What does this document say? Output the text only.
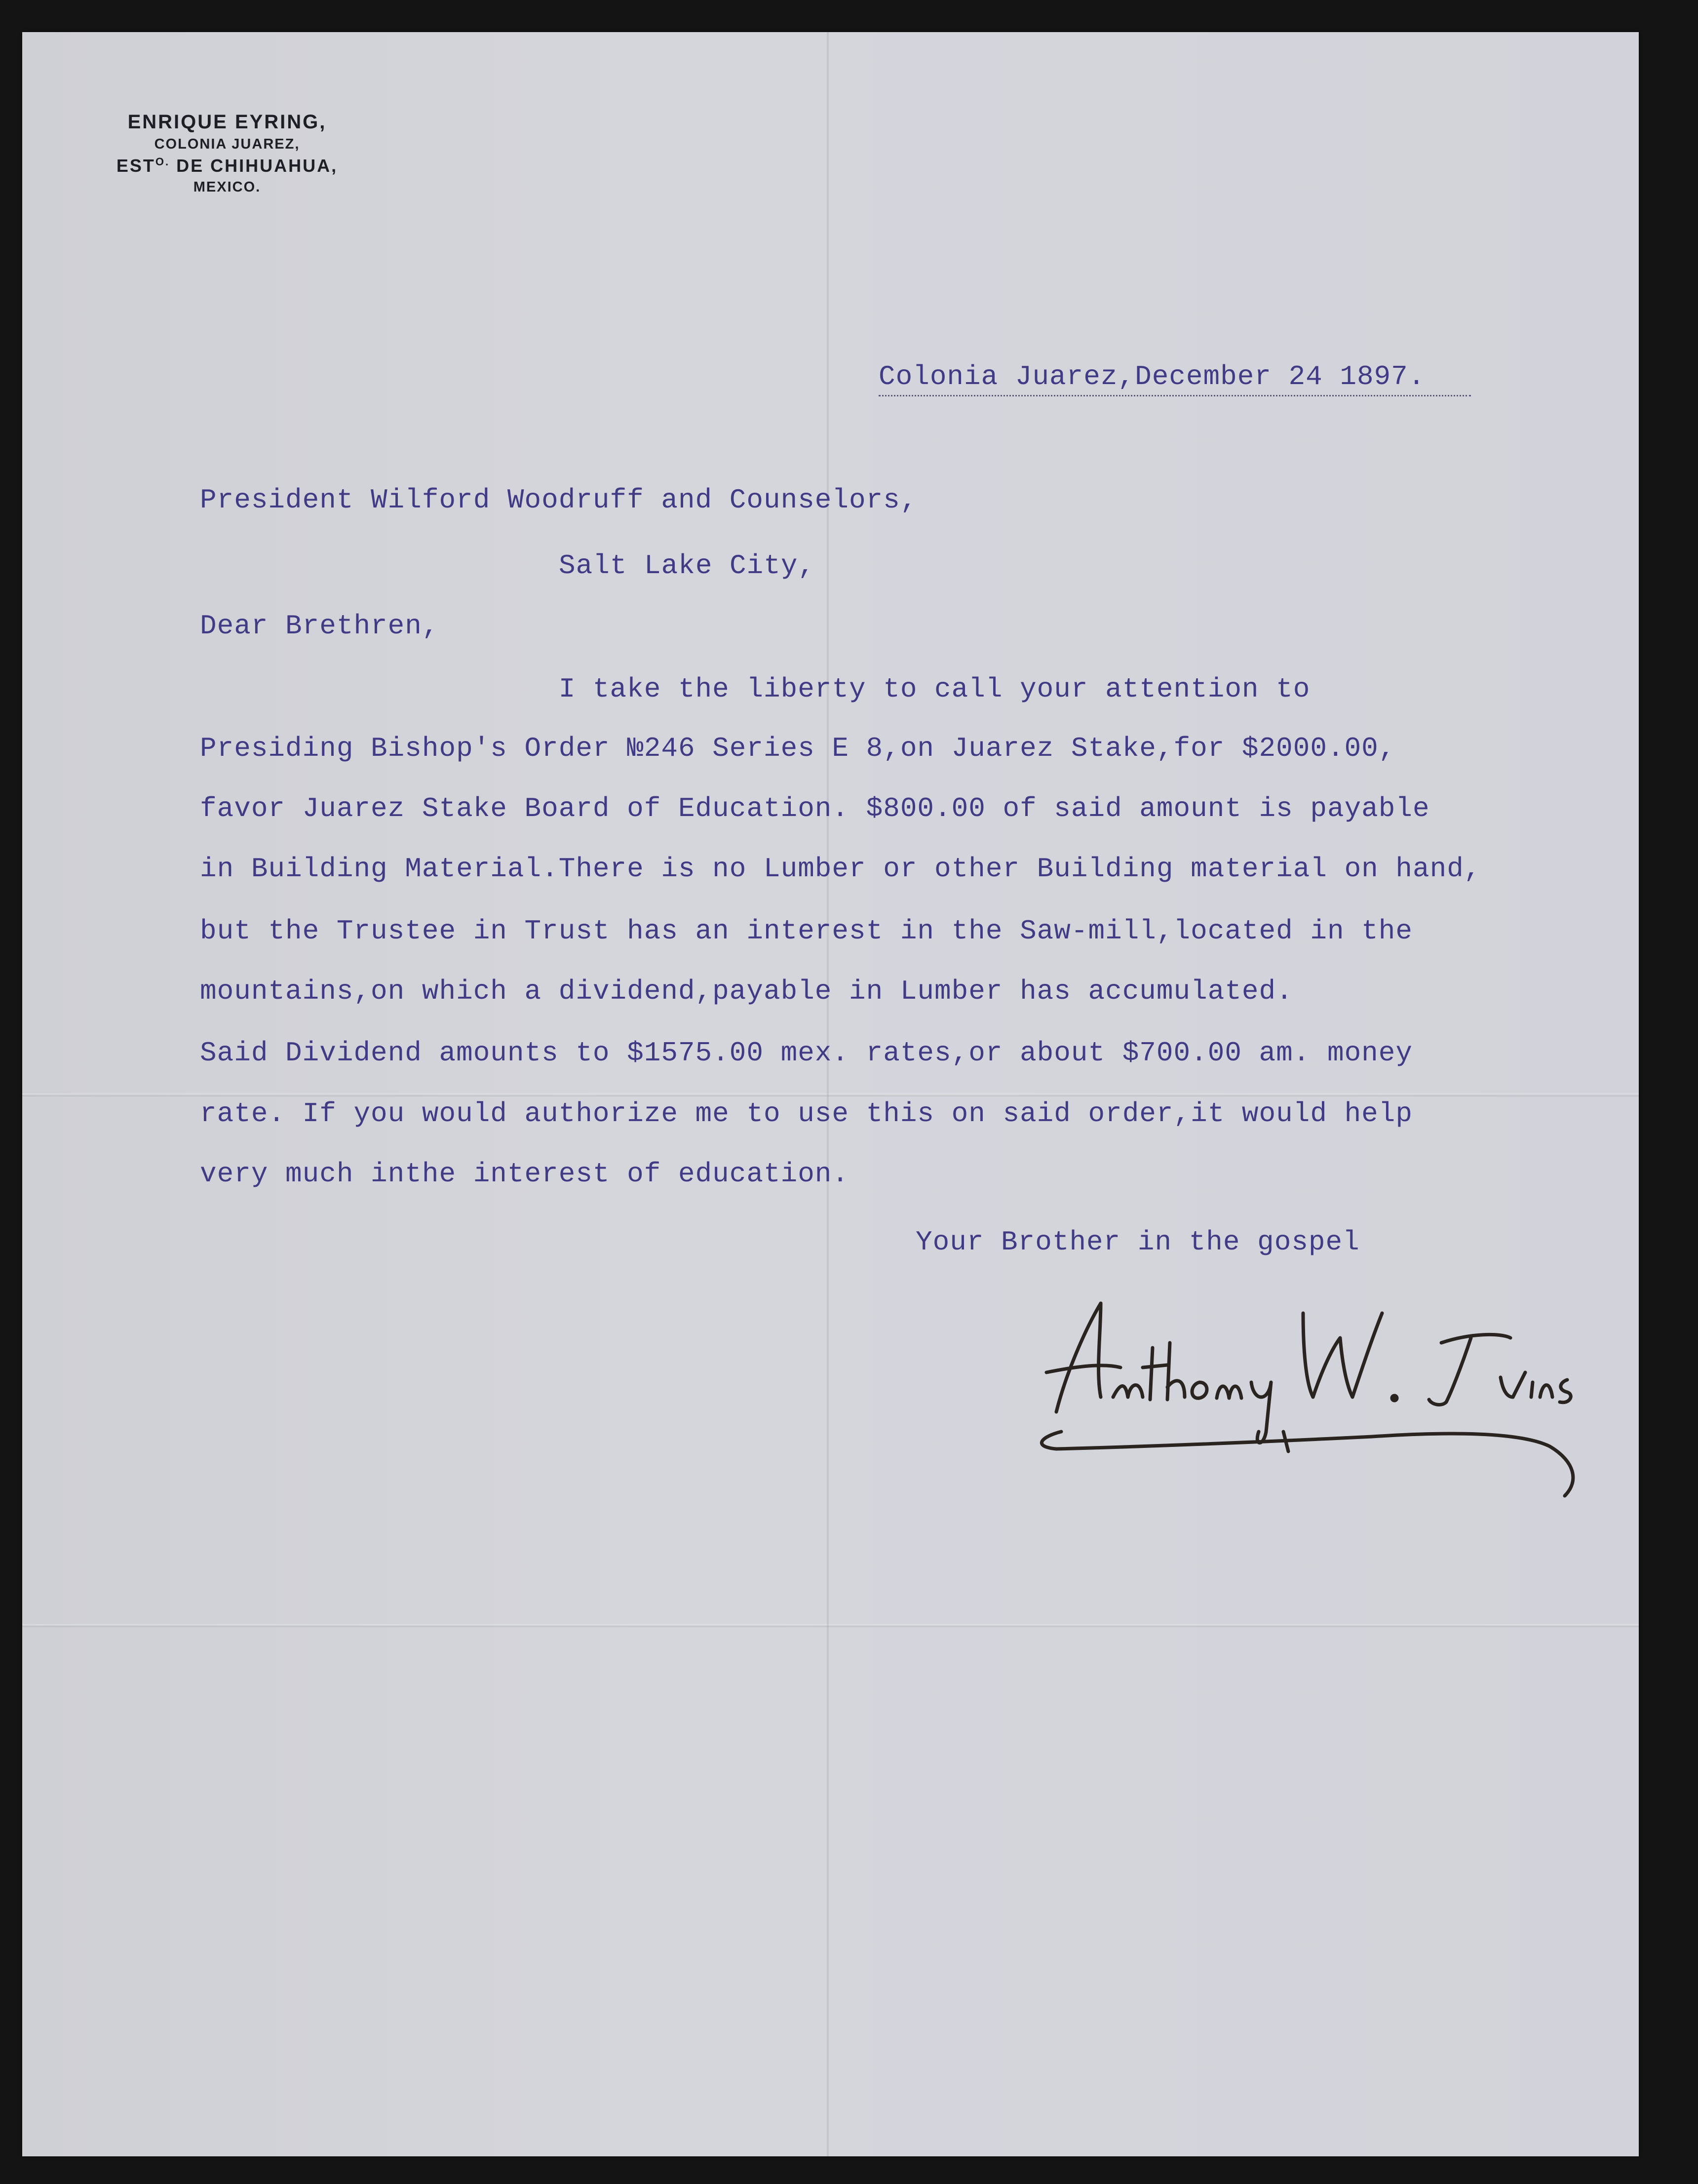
ENRIQUE EYRING,
COLONIA JUAREZ,
$EST^{O.}$ DE CHIHUAHUA,
MEXICO.
Colonia Juarez,December 24 1897.
President Wilford Woodruff and Counselors,
Salt Lake City,
Dear Brethren,
I take the liberty to call your attention to
Presiding Bishop's Order №246 Series E 8,on Juarez Stake,for $2000.00,
favor Juarez Stake Board of Education. $800.00 of said amount is payable
in Building Material.There is no Lumber or other Building material on hand,
but the Trustee in Trust has an interest in the Saw-mill,located in the
mountains,on which a dividend,payable in Lumber has accumulated.
Said Dividend amounts to $1575.00 mex. rates,or about $700.00 am. money
rate. If you would authorize me to use this on said order,it would help
very much inthe interest of education.
Your Brother in the gospel
